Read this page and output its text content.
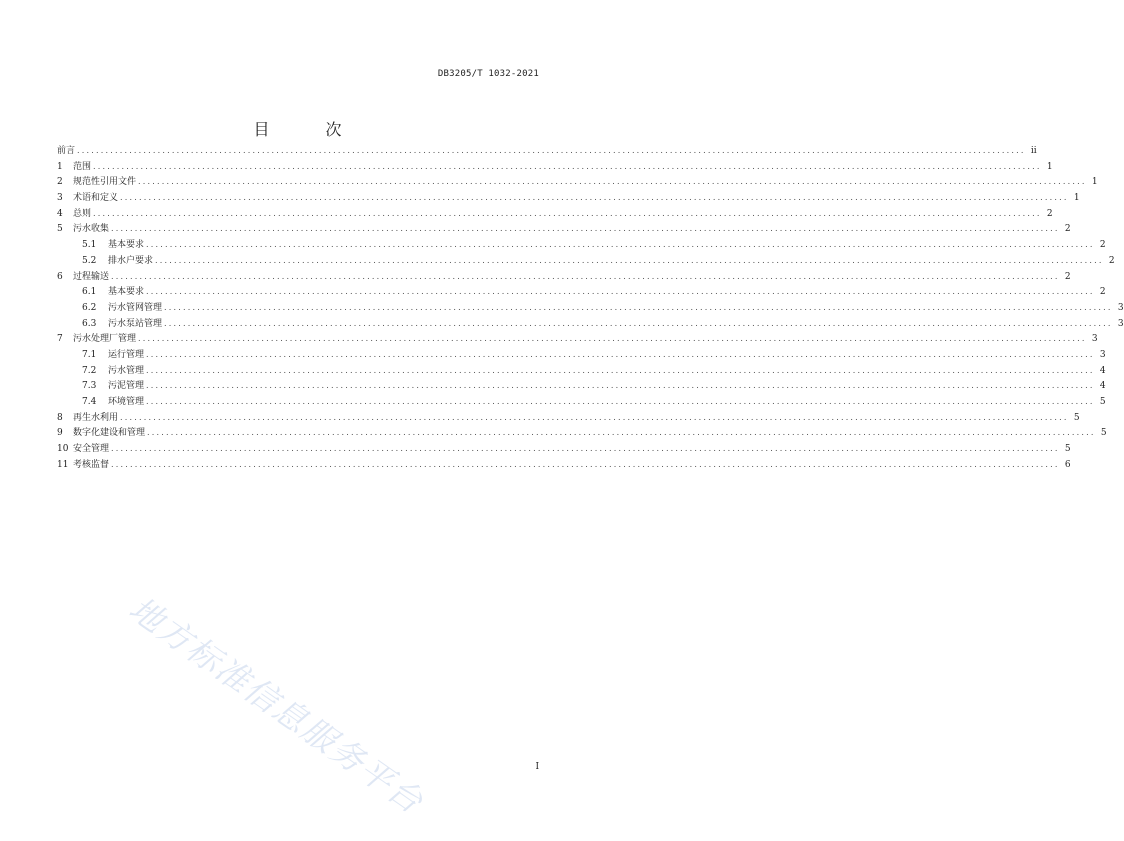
DB3205/T 1032-2021
目　次
前言 ........................................................................................................................................................................................................ ii
1 范围 ........................................................................................................................................................................................................ 1
2 规范性引用文件 ........................................................................................................................................................................................................ 1
3 术语和定义 ........................................................................................................................................................................................................ 1
4 总则 ........................................................................................................................................................................................................ 2
5 污水收集 ........................................................................................................................................................................................................ 2
5.1 基本要求 ........................................................................................................................................................................................................ 2
5.2 排水户要求 ........................................................................................................................................................................................................ 2
6 过程输送 ........................................................................................................................................................................................................ 2
6.1 基本要求 ........................................................................................................................................................................................................ 2
6.2 污水管网管理 ........................................................................................................................................................................................................ 3
6.3 污水泵站管理 ........................................................................................................................................................................................................ 3
7 污水处理厂管理 ........................................................................................................................................................................................................ 3
7.1 运行管理 ........................................................................................................................................................................................................ 3
7.2 污水管理 ........................................................................................................................................................................................................ 4
7.3 污泥管理 ........................................................................................................................................................................................................ 4
7.4 环境管理 ........................................................................................................................................................................................................ 5
8 再生水利用 ........................................................................................................................................................................................................ 5
9 数字化建设和管理 ........................................................................................................................................................................................................ 5
10 安全管理 ........................................................................................................................................................................................................ 5
11 考核监督 ........................................................................................................................................................................................................ 6
地方标准信息服务平台	I
